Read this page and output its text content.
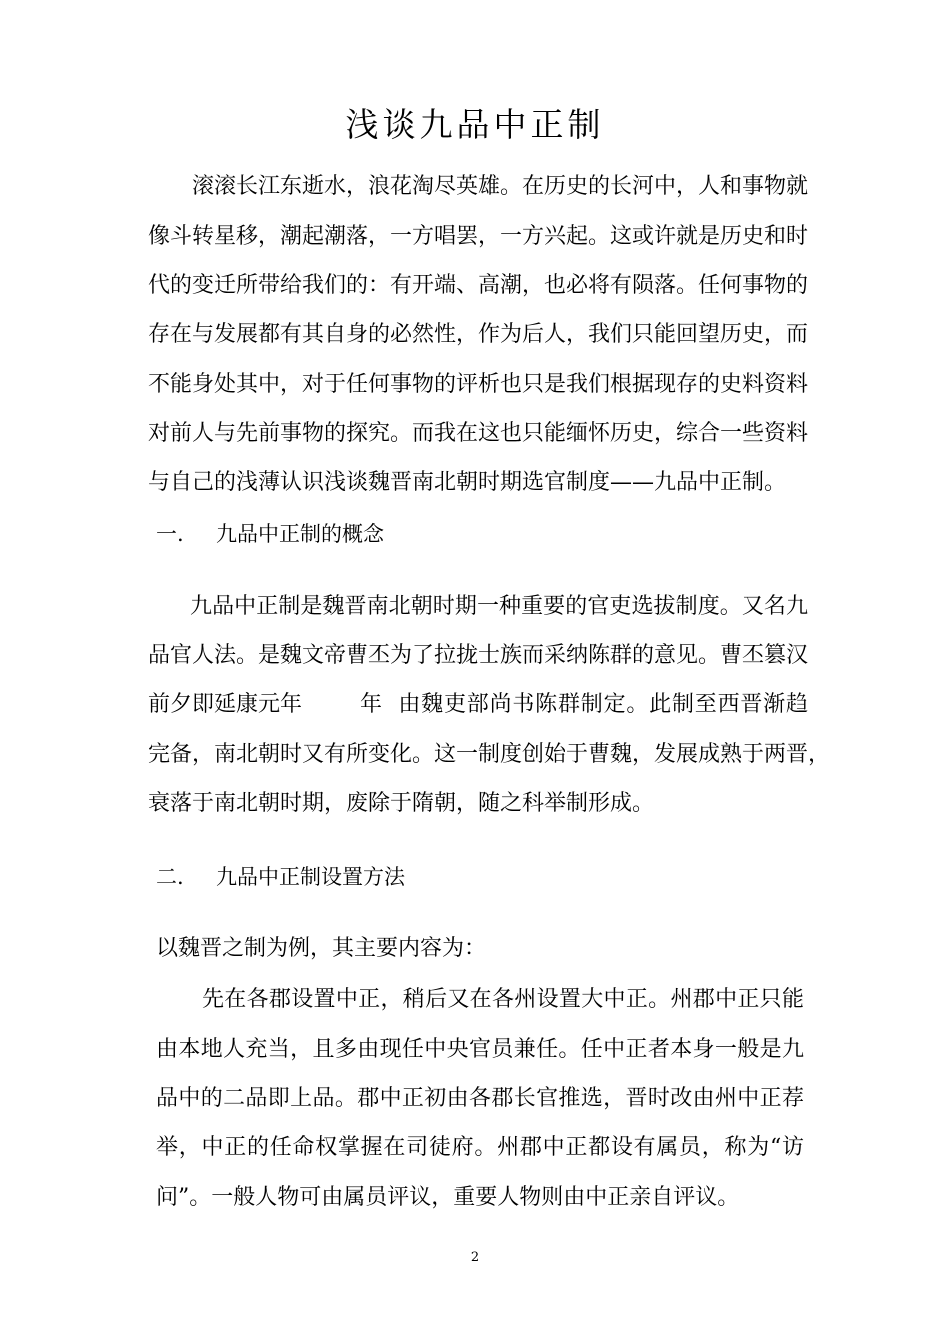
浅谈九品中正制
滚滚长江东逝水，浪花淘尽英雄。在历史的长河中，人和事物就
像斗转星移，潮起潮落，一方唱罢，一方兴起。这或许就是历史和时
代的变迁所带给我们的：有开端、高潮，也必将有陨落。任何事物的
存在与发展都有其自身的必然性，作为后人，我们只能回望历史，而
不能身处其中，对于任何事物的评析也只是我们根据现存的史料资料
对前人与先前事物的探究。而我在这也只能缅怀历史，综合一些资料
与自己的浅薄认识浅谈魏晋南北朝时期选官制度——九品中正制。
一. 九品中正制的概念
九品中正制是魏晋南北朝时期一种重要的官吏选拔制度。又名九
品官人法。是魏文帝曹丕为了拉拢士族而采纳陈群的意见。曹丕篡汉
前夕即延康元年	年  由魏吏部尚书陈群制定。此制至西晋渐趋
完备，南北朝时又有所变化。这一制度创始于曹魏，发展成熟于两晋，
衰落于南北朝时期，废除于隋朝，随之科举制形成。
二. 九品中正制设置方法
以魏晋之制为例，其主要内容为：
先在各郡设置中正，稍后又在各州设置大中正。州郡中正只能
由本地人充当，且多由现任中央官员兼任。任中正者本身一般是九
品中的二品即上品。郡中正初由各郡长官推选，晋时改由州中正荐
举，中正的任命权掌握在司徒府。州郡中正都设有属员，称为“访
问”。一般人物可由属员评议，重要人物则由中正亲自评议。
2
